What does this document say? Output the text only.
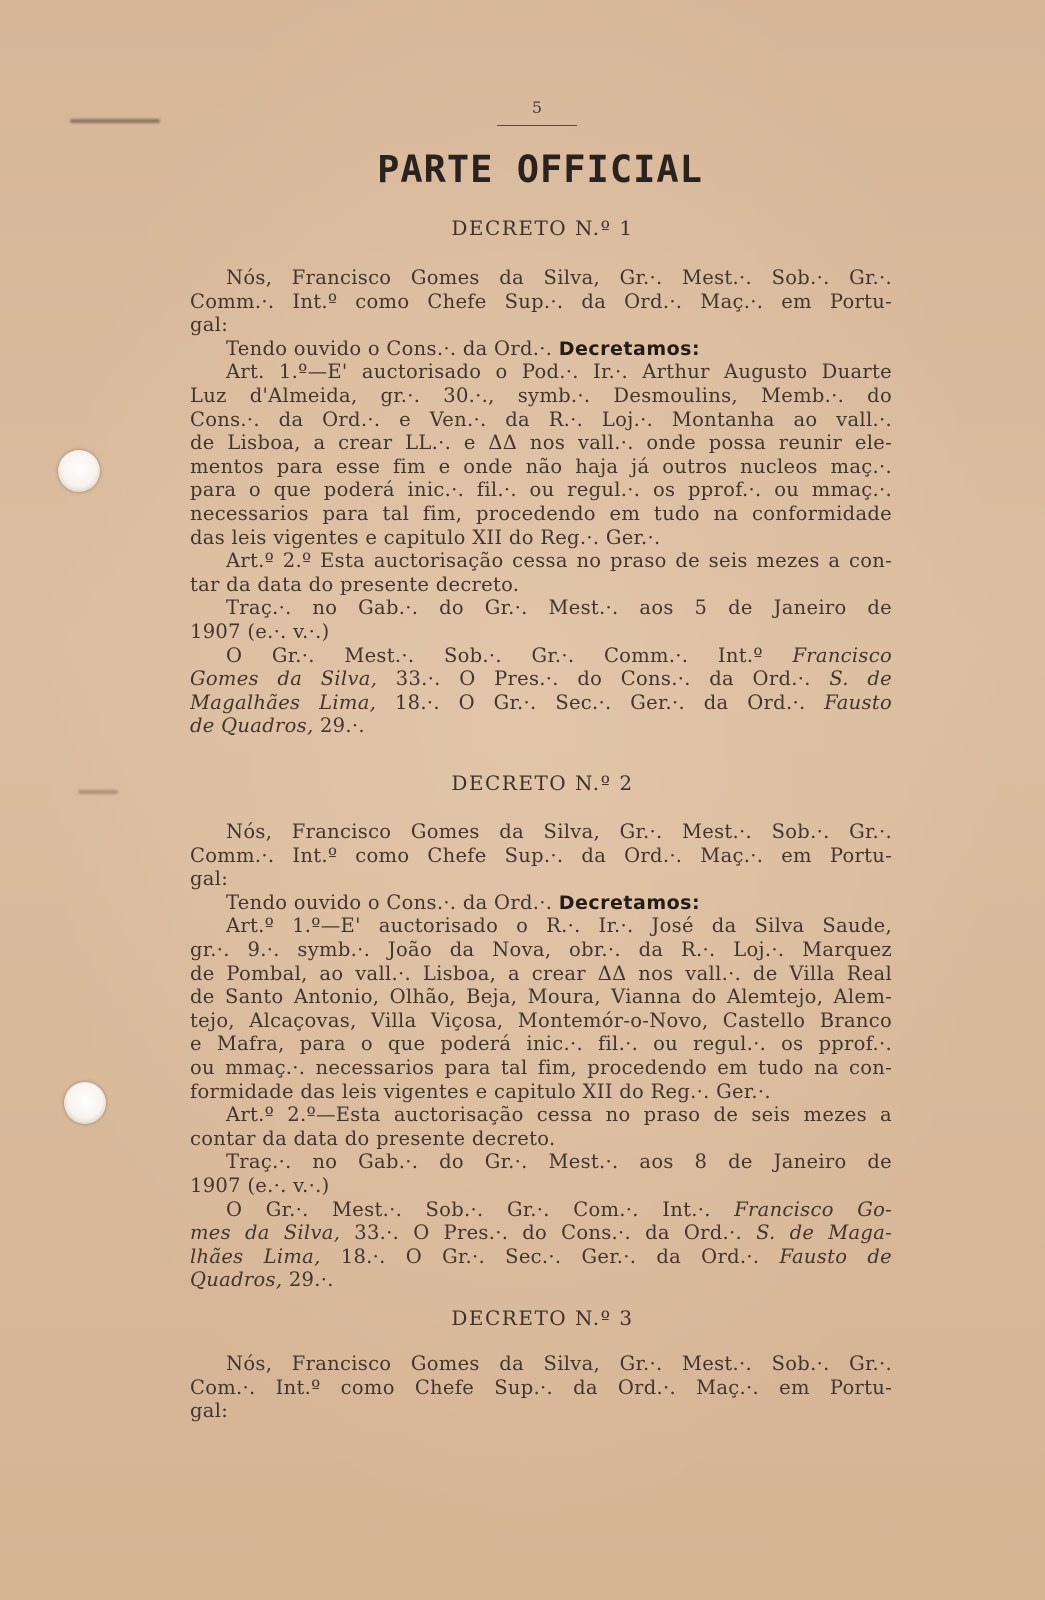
5
PARTE OFFICIAL
DECRETO N.º 1
Nós, Francisco Gomes da Silva, Gr.·. Mest.·. Sob.·. Gr.·.
Comm.·. Int.º como Chefe Sup.·. da Ord.·. Maç.·. em Portu-
gal:
Tendo ouvido o Cons.·. da Ord.·. Decretamos:
Art. 1.º—E' auctorisado o Pod.·. Ir.·. Arthur Augusto Duarte
Luz d'Almeida, gr.·. 30.·., symb.·. Desmoulins, Memb.·. do
Cons.·. da Ord.·. e Ven.·. da R.·. Loj.·. Montanha ao vall.·.
de Lisboa, a crear LL.·. e ΔΔ nos vall.·. onde possa reunir ele-
mentos para esse fim e onde não haja já outros nucleos maç.·.
para o que poderá inic.·. fil.·. ou regul.·. os pprof.·. ou mmaç.·.
necessarios para tal fim, procedendo em tudo na conformidade
das leis vigentes e capitulo XII do Reg.·. Ger.·.
Art.º 2.º Esta auctorisação cessa no praso de seis mezes a con-
tar da data do presente decreto.
Traç.·. no Gab.·. do Gr.·. Mest.·. aos 5 de Janeiro de
1907 (e.·. v.·.)
O Gr.·. Mest.·. Sob.·. Gr.·. Comm.·. Int.º Francisco
Gomes da Silva, 33.·. O Pres.·. do Cons.·. da Ord.·. S. de
Magalhães Lima, 18.·. O Gr.·. Sec.·. Ger.·. da Ord.·. Fausto
de Quadros, 29.·.
DECRETO N.º 2
Nós, Francisco Gomes da Silva, Gr.·. Mest.·. Sob.·. Gr.·.
Comm.·. Int.º como Chefe Sup.·. da Ord.·. Maç.·. em Portu-
gal:
Tendo ouvido o Cons.·. da Ord.·. Decretamos:
Art.º 1.º—E' auctorisado o R.·. Ir.·. José da Silva Saude,
gr.·. 9.·. symb.·. João da Nova, obr.·. da R.·. Loj.·. Marquez
de Pombal, ao vall.·. Lisboa, a crear ΔΔ nos vall.·. de Villa Real
de Santo Antonio, Olhão, Beja, Moura, Vianna do Alemtejo, Alem-
tejo, Alcaçovas, Villa Viçosa, Montemór-o-Novo, Castello Branco
e Mafra, para o que poderá inic.·. fil.·. ou regul.·. os pprof.·.
ou mmaç.·. necessarios para tal fim, procedendo em tudo na con-
formidade das leis vigentes e capitulo XII do Reg.·. Ger.·.
Art.º 2.º—Esta auctorisação cessa no praso de seis mezes a
contar da data do presente decreto.
Traç.·. no Gab.·. do Gr.·. Mest.·. aos 8 de Janeiro de
1907 (e.·. v.·.)
O Gr.·. Mest.·. Sob.·. Gr.·. Com.·. Int.·. Francisco Go-
mes da Silva, 33.·. O Pres.·. do Cons.·. da Ord.·. S. de Maga-
lhães Lima, 18.·. O Gr.·. Sec.·. Ger.·. da Ord.·. Fausto de
Quadros, 29.·.
DECRETO N.º 3
Nós, Francisco Gomes da Silva, Gr.·. Mest.·. Sob.·. Gr.·.
Com.·. Int.º como Chefe Sup.·. da Ord.·. Maç.·. em Portu-
gal:
